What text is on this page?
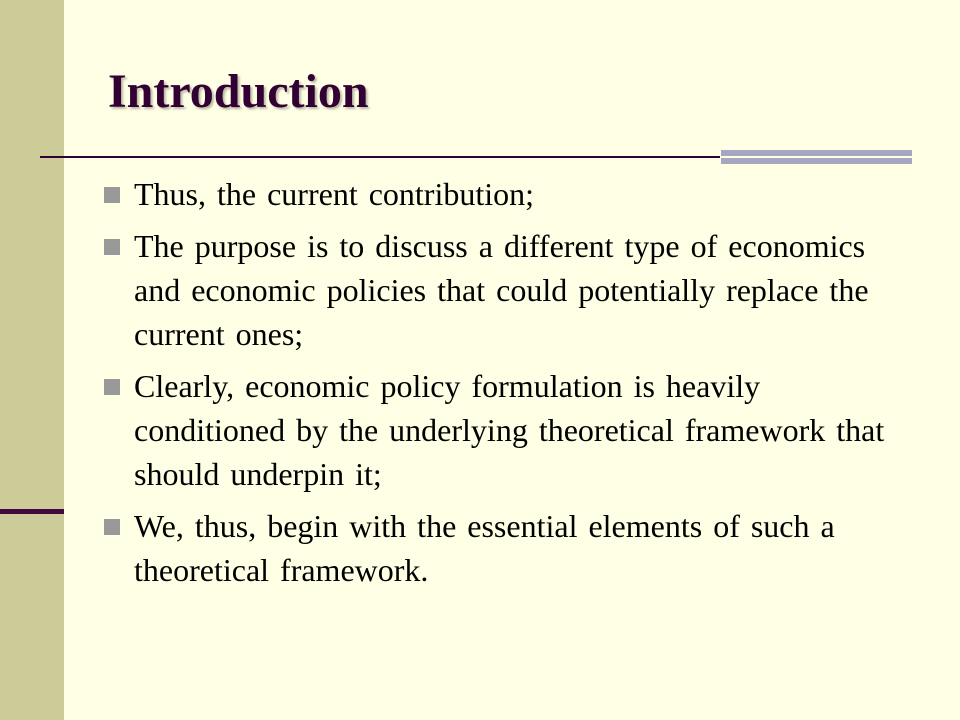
Introduction
Thus, the current contribution;
The purpose is to discuss a different type of economics and economic policies that could potentially replace the current ones;
Clearly, economic policy formulation is heavily conditioned by the underlying theoretical framework that should underpin it;
We, thus, begin with the essential elements of such a theoretical framework.
